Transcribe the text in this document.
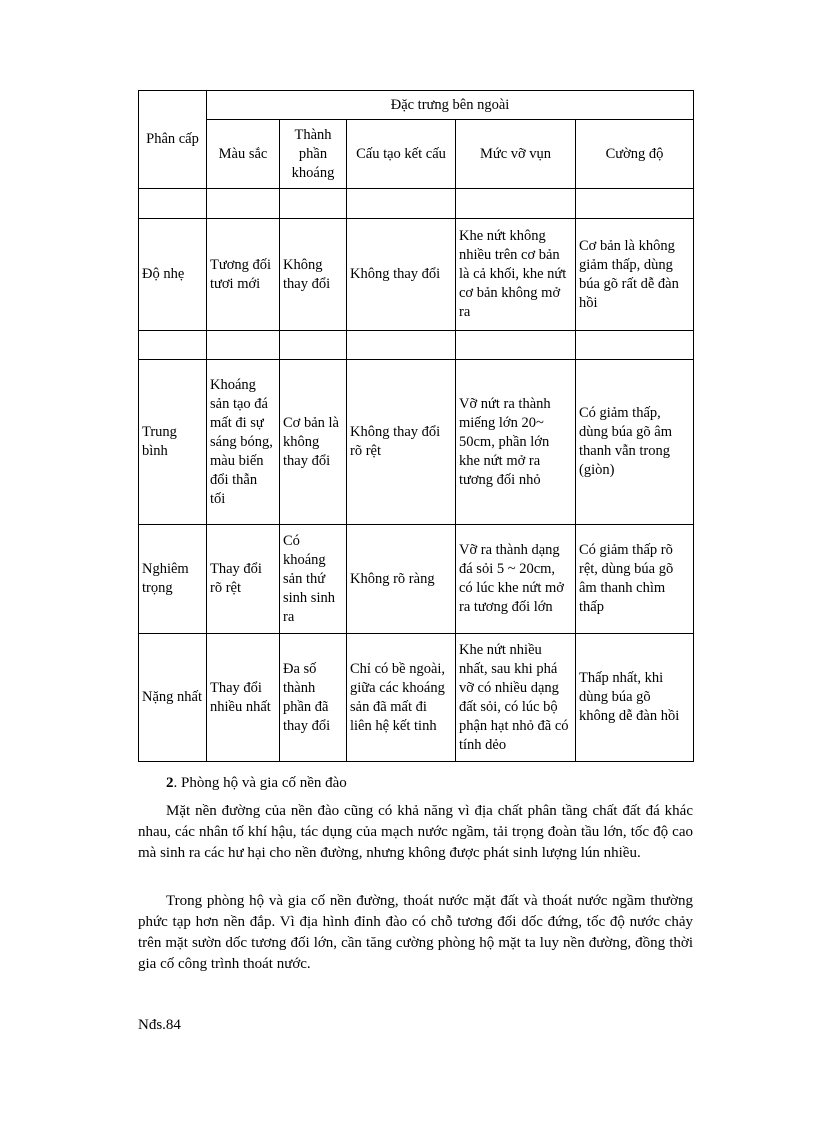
Phân cấp	Đặc trưng bên ngoài				
	Màu sắc	Thành phần khoáng	Cấu tạo kết cấu	Mức vỡ vụn	Cường độ

Độ nhẹ	Tương đối tươi mới	Không thay đổi	Không thay đổi	Khe nứt không nhiều trên cơ bản là cả khối, khe nứt cơ bản không mở ra	Cơ bản là không giảm thấp, dùng búa gõ rất dễ đàn hồi

Trung bình	Khoáng sản tạo đá mất đi sự sáng bóng, màu biến đổi thẫn tối	Cơ bản là không thay đổi	Không thay đổi rõ rệt	Vỡ nứt ra thành miếng lớn 20~ 50cm, phần lớn khe nứt mở ra tương đối nhỏ	Có giảm thấp, dùng búa gõ âm thanh vẫn trong (giòn)
Nghiêm trọng	Thay đổi rõ rệt	Có khoáng sản thứ sinh sinh ra	Không rõ ràng	Vỡ ra thành dạng đá sỏi 5 ~ 20cm, có lúc khe nứt mở ra tương đối lớn	Có giảm thấp rõ rệt, dùng búa gõ âm thanh chìm thấp
Nặng nhất	Thay đổi nhiều nhất	Đa số thành phần đã thay đổi	Chỉ có bề ngoài, giữa các khoáng sản đã mất đi liên hệ kết tinh	Khe nứt nhiều nhất, sau khi phá vỡ có nhiều dạng đất sỏi, có lúc bộ phận hạt nhỏ đã có tính dẻo	Thấp nhất, khi dùng búa gõ không dễ đàn hồi
2. Phòng hộ và gia cố nền đào

Mặt nền đường của nền đào cũng có khả năng vì địa chất phân tầng chất đất đá khác nhau, các nhân tố khí hậu, tác dụng của mạch nước ngầm, tải trọng đoàn tầu lớn, tốc độ cao mà sinh ra các hư hại cho nền đường, nhưng không được phát sinh lượng lún nhiều.

Trong phòng hộ và gia cố nền đường, thoát nước mặt đất và thoát nước ngầm thường phức tạp hơn nền đắp. Vì địa hình đỉnh đào có chỗ tương đối dốc đứng, tốc độ nước chảy trên mặt sườn dốc tương đối lớn, cần tăng cường phòng hộ mặt ta luy nền đường, đồng thời gia cố công trình thoát nước.

Nđs.84
